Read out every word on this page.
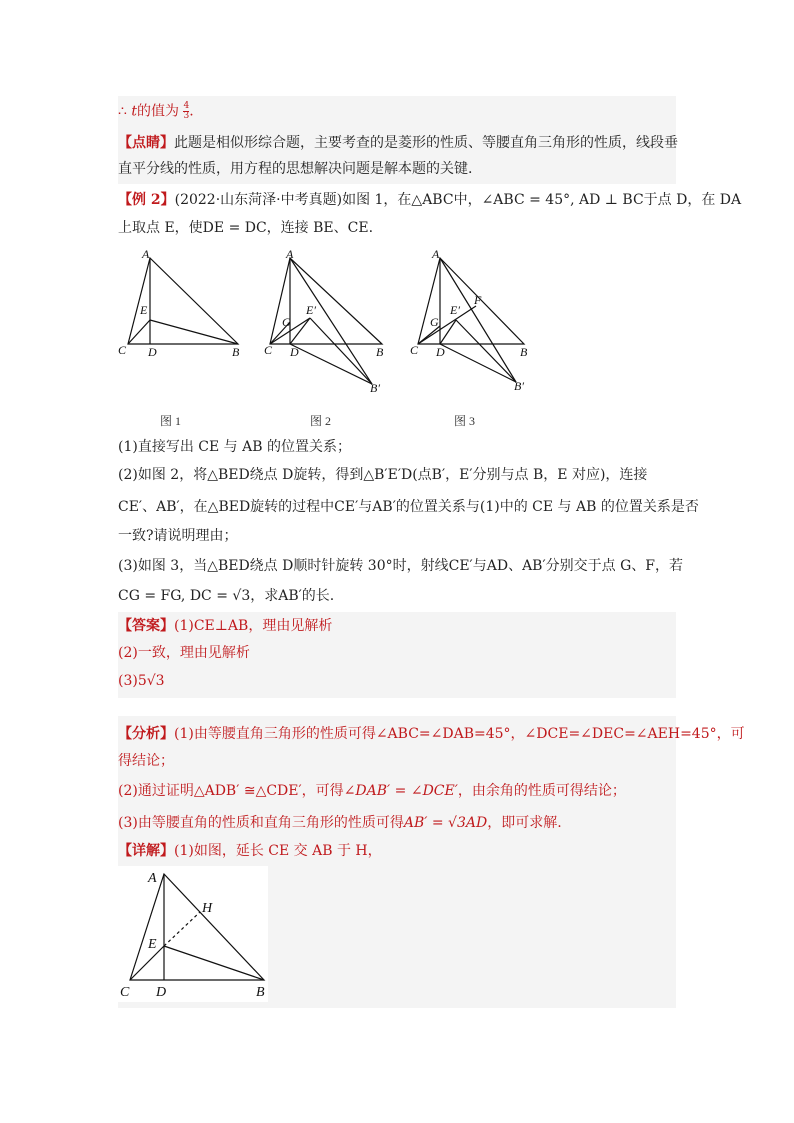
∴ t的值为 $\frac{4}{3}$ .
【点睛】此题是相似形综合题，主要考查的是菱形的性质、等腰直角三角形的性质，线段垂
直平分线的性质，用方程的思想解决问题是解本题的关键.
【例 2】(2022·山东菏泽·中考真题)如图 1，在△ABC中，∠ABC = 45°, AD ⊥ BC于点 D，在 DA
上取点 E，使DE = DC，连接 BE、CE.
A
E
C D	B
A
E′
G
C D	B
B′
A
F
E′
G
C D	B
B′
图 1	图 2	图 3
(1)直接写出 CE 与 AB 的位置关系；
(2)如图 2，将△BED绕点 D旋转，得到△B′E′D(点B′，E′分别与点 B，E 对应)，连接
CE′、AB′，在△BED旋转的过程中CE′与AB′的位置关系与(1)中的 CE 与 AB 的位置关系是否
一致?请说明理由；
(3)如图 3，当△BED绕点 D顺时针旋转 30°时，射线CE′与AD、AB′分别交于点 G、F，若
CG = FG, DC = √3，求AB′的长.
【答案】(1)CE⊥AB，理由见解析
(2)一致，理由见解析
(3)5√3
【分析】(1)由等腰直角三角形的性质可得∠ABC=∠DAB=45°，∠DCE=∠DEC=∠AEH=45°，可
得结论；
(2)通过证明△ADB′ ≅△CDE′，可得∠DAB′ = ∠DCE′，由余角的性质可得结论；
(3)由等腰直角的性质和直角三角形的性质可得AB′ = √3AD，即可求解.
【详解】(1)如图，延长 CE 交 AB 于 H，
A
H
E
C D	B
